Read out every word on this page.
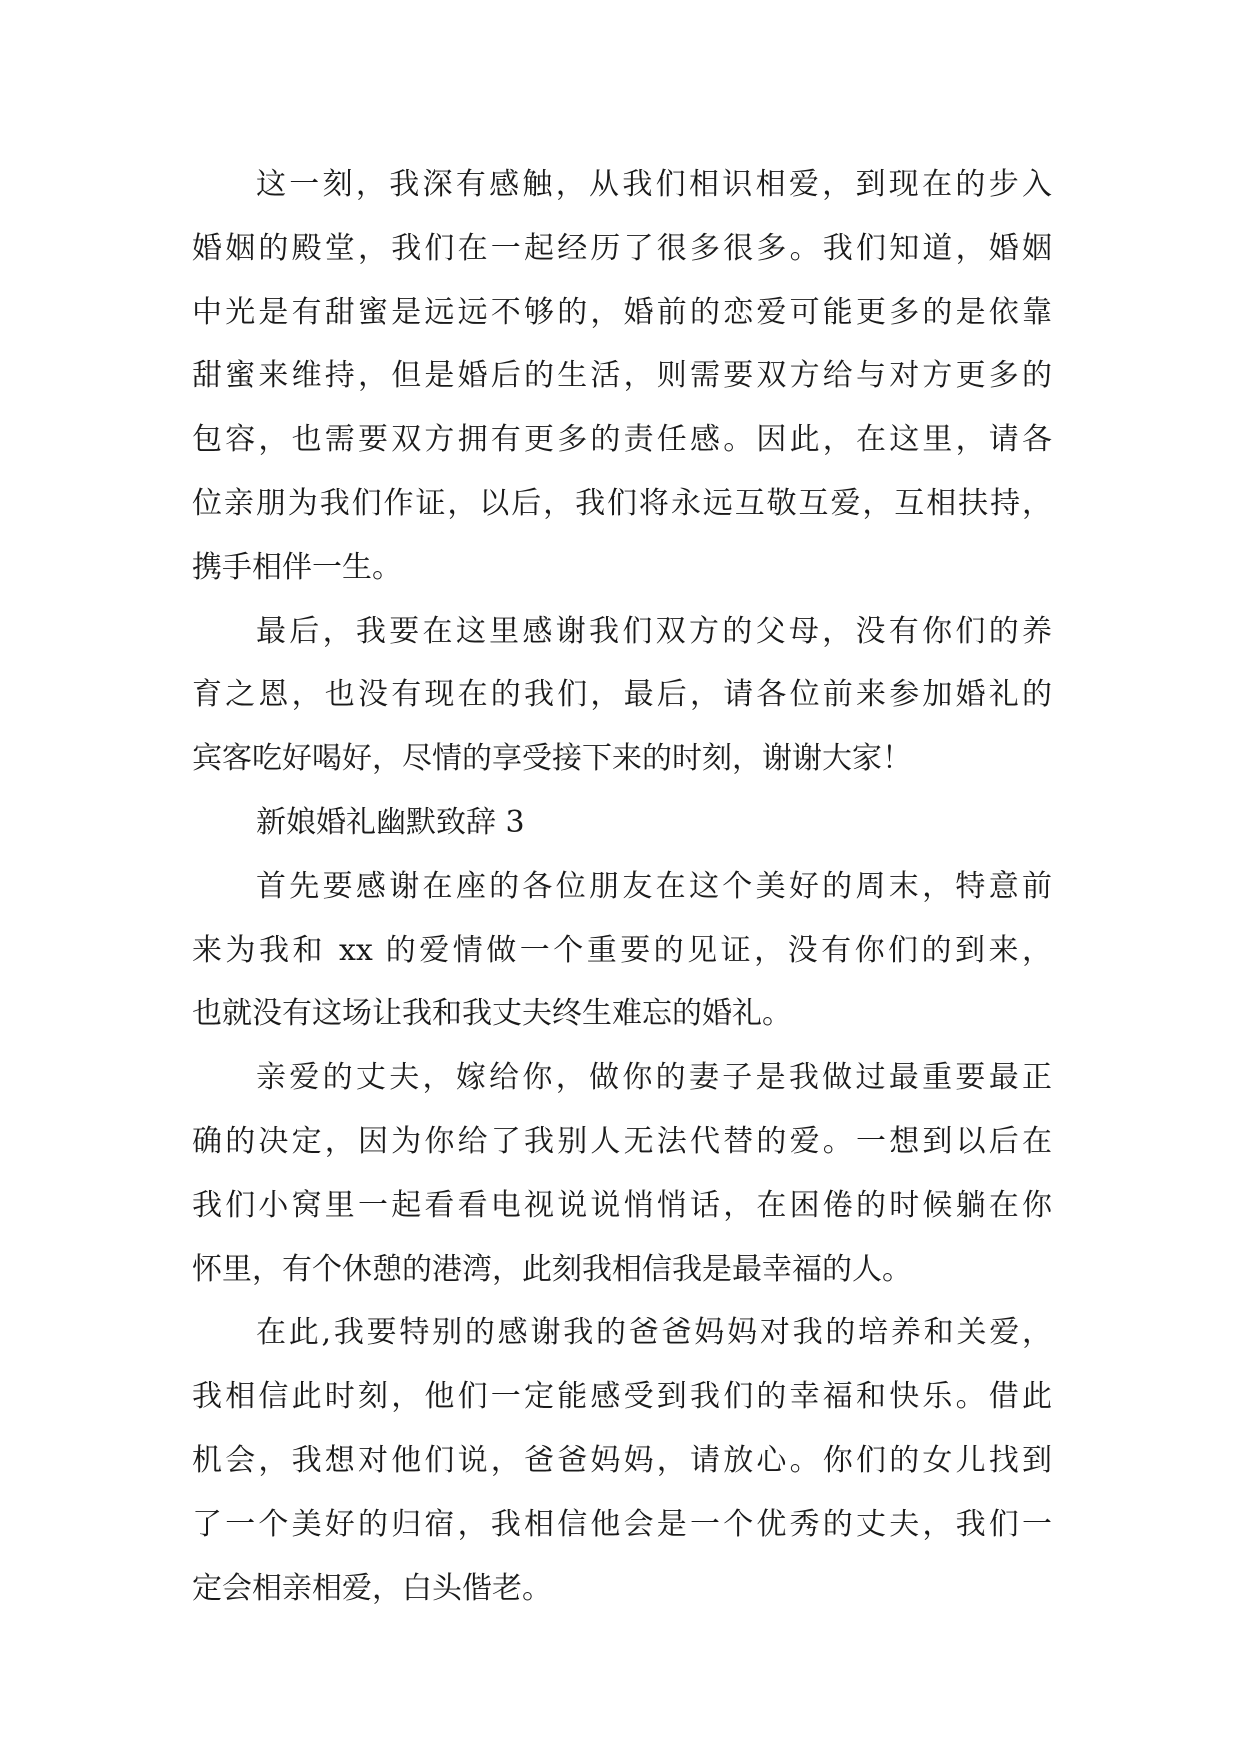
这一刻，我深有感触，从我们相识相爱，到现在的步入
婚姻的殿堂，我们在一起经历了很多很多。我们知道，婚姻
中光是有甜蜜是远远不够的，婚前的恋爱可能更多的是依靠
甜蜜来维持，但是婚后的生活，则需要双方给与对方更多的
包容，也需要双方拥有更多的责任感。因此，在这里，请各
位亲朋为我们作证，以后，我们将永远互敬互爱，互相扶持，
携手相伴一生。
最后，我要在这里感谢我们双方的父母，没有你们的养
育之恩，也没有现在的我们，最后，请各位前来参加婚礼的
宾客吃好喝好，尽情的享受接下来的时刻，谢谢大家！
新娘婚礼幽默致辞 3
首先要感谢在座的各位朋友在这个美好的周末，特意前
来为我和 xx 的爱情做一个重要的见证，没有你们的到来，
也就没有这场让我和我丈夫终生难忘的婚礼。
亲爱的丈夫，嫁给你，做你的妻子是我做过最重要最正
确的决定，因为你给了我别人无法代替的爱。一想到以后在
我们小窝里一起看看电视说说悄悄话，在困倦的时候躺在你
怀里，有个休憩的港湾，此刻我相信我是最幸福的人。
在此,我要特别的感谢我的爸爸妈妈对我的培养和关爱，
我相信此时刻，他们一定能感受到我们的幸福和快乐。借此
机会，我想对他们说，爸爸妈妈，请放心。你们的女儿找到
了一个美好的归宿，我相信他会是一个优秀的丈夫，我们一
定会相亲相爱，白头偕老。
